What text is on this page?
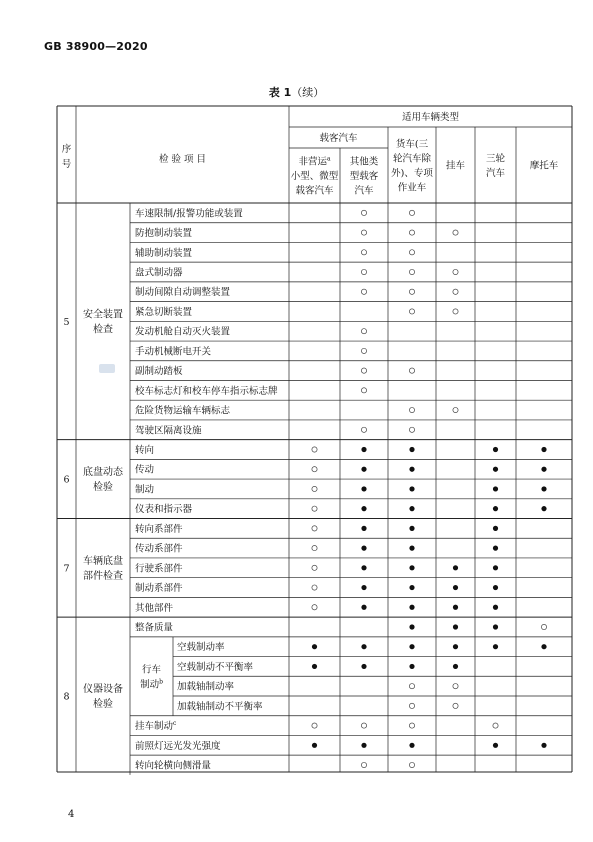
GB 38900—2020
表 1（续）
序
号	检 验 项 目
适用车辆类型
载客汽车
非营运$^a$
小型、微型
载客汽车
其他类
型载客
汽车
货车(三
轮汽车除
外)、专项
作业车
挂车
三轮
汽车
摩托车
5
安全装置
检查
车速限制/报警功能或装置
防抱制动装置
辅助制动装置
盘式制动器
制动间隙自动调整装置
紧急切断装置
发动机舱自动灭火装置
手动机械断电开关
副制动踏板
校车标志灯和校车停车指示标志牌
危险货物运输车辆标志
驾驶区隔离设施
6
底盘动态
检验
转向
传动
制动
仪表和指示器
7
车辆底盘
部件检查
转向系部件
传动系部件
行驶系部件
制动系部件
其他部件
8
仪器设备
检验
行车
制动$^b$
整备质量
空载制动率
空载制动不平衡率
加载轴制动率
加载轴制动不平衡率
挂车制动$^c$
前照灯远光发光强度
转向轮横向侧滑量
4
